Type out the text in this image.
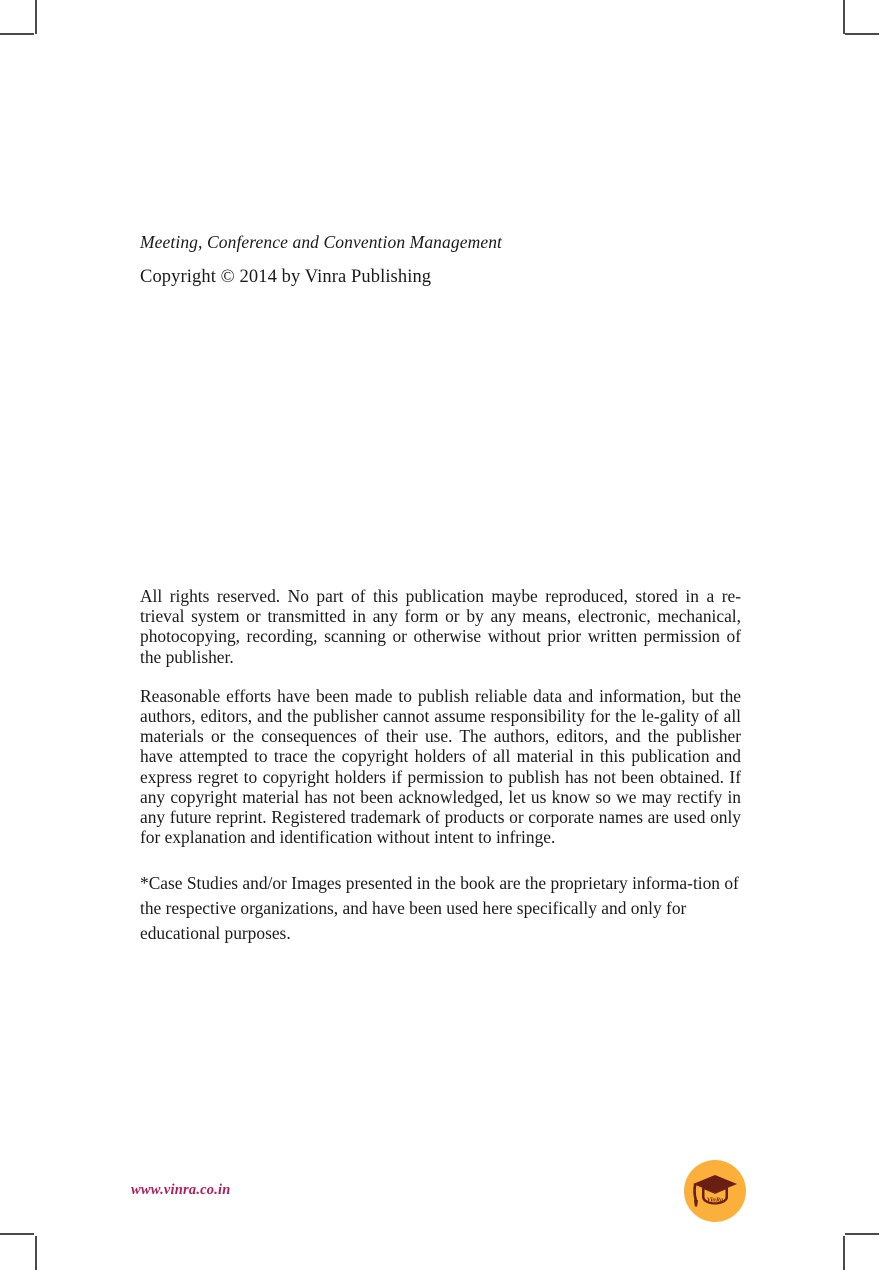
Meeting, Conference and Convention Management
Copyright © 2014 by Vinra Publishing

All rights reserved. No part of this publication maybe reproduced, stored in a re-trieval system or transmitted in any form or by any means, electronic, mechanical, photocopying, recording, scanning or otherwise without prior written permission of the publisher.

Reasonable efforts have been made to publish reliable data and information, but the authors, editors, and the publisher cannot assume responsibility for the le-gality of all materials or the consequences of their use. The authors, editors, and the publisher have attempted to trace the copyright holders of all material in this publication and express regret to copyright holders if permission to publish has not been obtained. If any copyright material has not been acknowledged, let us know so we may rectify in any future reprint. Registered trademark of products or corporate names are used only for explanation and identification without intent to infringe.

*Case Studies and/or Images presented in the book are the proprietary informa-tion of the respective organizations, and have been used here specifically and only for educational purposes.

www.vinra.co.in
VinRa
